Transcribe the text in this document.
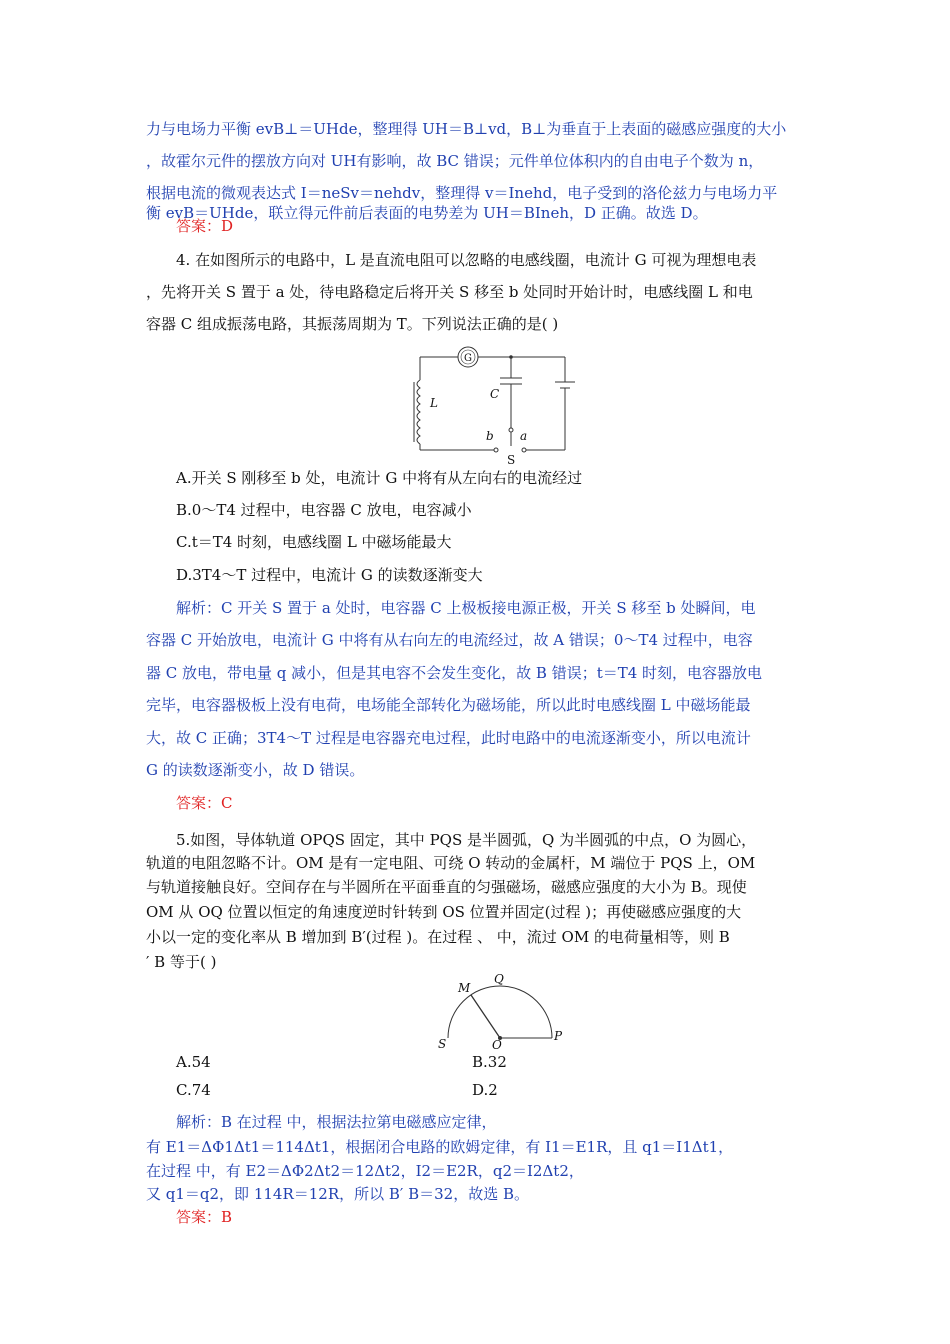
力与电场力平衡 evB⊥＝UHde，整理得 UH＝B⊥vd，B⊥为垂直于上表面的磁感应强度的大小
，故霍尔元件的摆放方向对 UH有影响，故 BC 错误；元件单位体积内的自由电子个数为 n，
根据电流的微观表达式 I＝neSv＝nehdv，整理得 v＝Inehd，电子受到的洛伦兹力与电场力平
衡 evB＝UHde，联立得元件前后表面的电势差为 UH＝BIneh，D 正确。故选 D。
答案：D
4. 在如图所示的电路中，L 是直流电阻可以忽略的电感线圈，电流计 G 可视为理想电表
，先将开关 S 置于 a 处，待电路稳定后将开关 S 移至 b 处同时开始计时，电感线圈 L 和电
容器 C 组成振荡电路，其振荡周期为 T。下列说法正确的是( )
G
L
C
b a
S
A.开关 S 刚移至 b 处，电流计 G 中将有从左向右的电流经过
B.0～T4 过程中，电容器 C 放电，电容减小
C.t＝T4 时刻，电感线圈 L 中磁场能最大
D.3T4～T 过程中，电流计 G 的读数逐渐变大
解析：C 开关 S 置于 a 处时，电容器 C 上极板接电源正极，开关 S 移至 b 处瞬间，电
容器 C 开始放电，电流计 G 中将有从右向左的电流经过，故 A 错误；0～T4 过程中，电容
器 C 放电，带电量 q 减小，但是其电容不会发生变化，故 B 错误；t＝T4 时刻，电容器放电
完毕，电容器极板上没有电荷，电场能全部转化为磁场能，所以此时电感线圈 L 中磁场能最
大，故 C 正确；3T4～T 过程是电容器充电过程，此时电路中的电流逐渐变小，所以电流计
G 的读数逐渐变小，故 D 错误。
答案：C
5.如图，导体轨道 OPQS 固定，其中 PQS 是半圆弧，Q 为半圆弧的中点，O 为圆心，
轨道的电阻忽略不计。OM 是有一定电阻、可绕 O 转动的金属杆，M 端位于 PQS 上，OM
与轨道接触良好。空间存在与半圆所在平面垂直的匀强磁场，磁感应强度的大小为 B。现使
OM 从 OQ 位置以恒定的角速度逆时针转到 OS 位置并固定(过程 )；再使磁感应强度的大
小以一定的变化率从 B 增加到 B′(过程 )。在过程 、 中，流过 OM 的电荷量相等，则 B
′ B 等于( )
M
Q
S	O
P
A.54	B.32
C.74	D.2
解析：B 在过程 中，根据法拉第电磁感应定律，
有 E1＝ΔΦ1Δt1＝114Δt1，根据闭合电路的欧姆定律，有 I1＝E1R，且 q1＝I1Δt1，
在过程 中，有 E2＝ΔΦ2Δt2＝12Δt2，I2＝E2R，q2＝I2Δt2，
又 q1＝q2，即 114R＝12R，所以 B′ B＝32，故选 B。
答案：B
